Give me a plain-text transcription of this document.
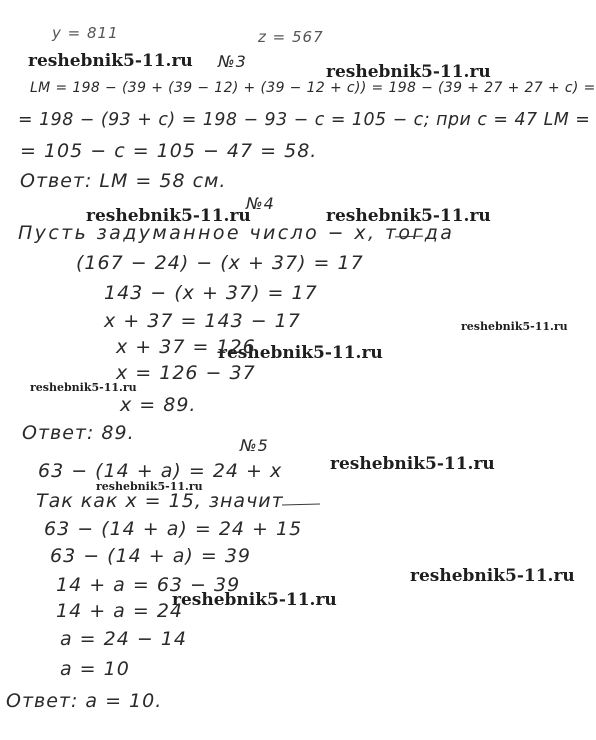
y = 811	z = 567
reshebnik5-11.ru
reshebnik5-11.ru
reshebnik5-11.ru	reshebnik5-11.ru
reshebnik5-11.ru
reshebnik5-11.ru
reshebnik5-11.ru
reshebnik5-11.ru
reshebnik5-11.ru
reshebnik5-11.ru
reshebnik5-11.ru
№3
LM = 198 − (39 + (39 − 12) + (39 − 12 + c)) = 198 − (39 + 27 + 27 + c) =
= 198 − (93 + c) = 198 − 93 − c = 105 − c; при c = 47 LM =
= 105 − c = 105 − 47 = 58.
Ответ: LM = 58 см.
№4
Пусть задуманное число − x, тогда
(167 − 24) − (x + 37) = 17
143 − (x + 37) = 17
x + 37 = 143 − 17
x + 37 = 126
x = 126 − 37
x = 89.
Ответ: 89.
№5
63 − (14 + a) = 24 + x
Так как x = 15, значит
63 − (14 + a) = 24 + 15
63 − (14 + a) = 39
14 + a = 63 − 39
14 + a = 24
a = 24 − 14
a = 10
Ответ: a = 10.
